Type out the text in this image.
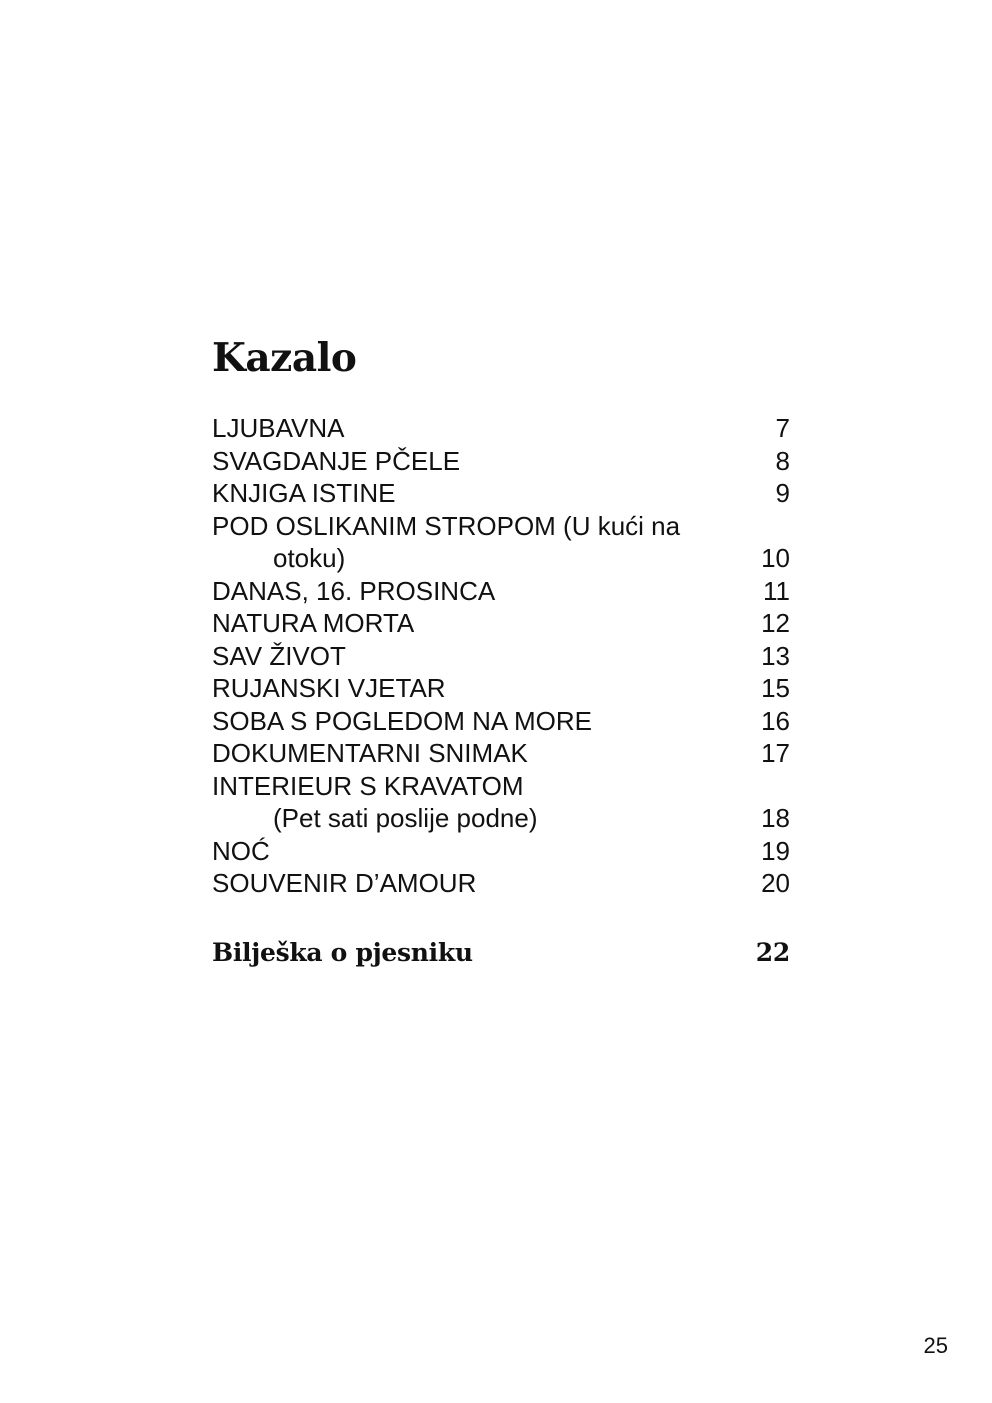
Kazalo
LJUBAVNA	7
SVAGDANJE PČELE	8
KNJIGA ISTINE	9
POD OSLIKANIM STROPOM (U kući na
otoku)	10
DANAS, 16. PROSINCA	11
NATURA MORTA	12
SAV ŽIVOT	13
RUJANSKI VJETAR	15
SOBA S POGLEDOM NA MORE	16
DOKUMENTARNI SNIMAK	17
INTERIEUR S KRAVATOM
(Pet sati poslije podne)	18
NOĆ	19
SOUVENIR D’AMOUR	20
Bilješka o pjesniku	22
25
